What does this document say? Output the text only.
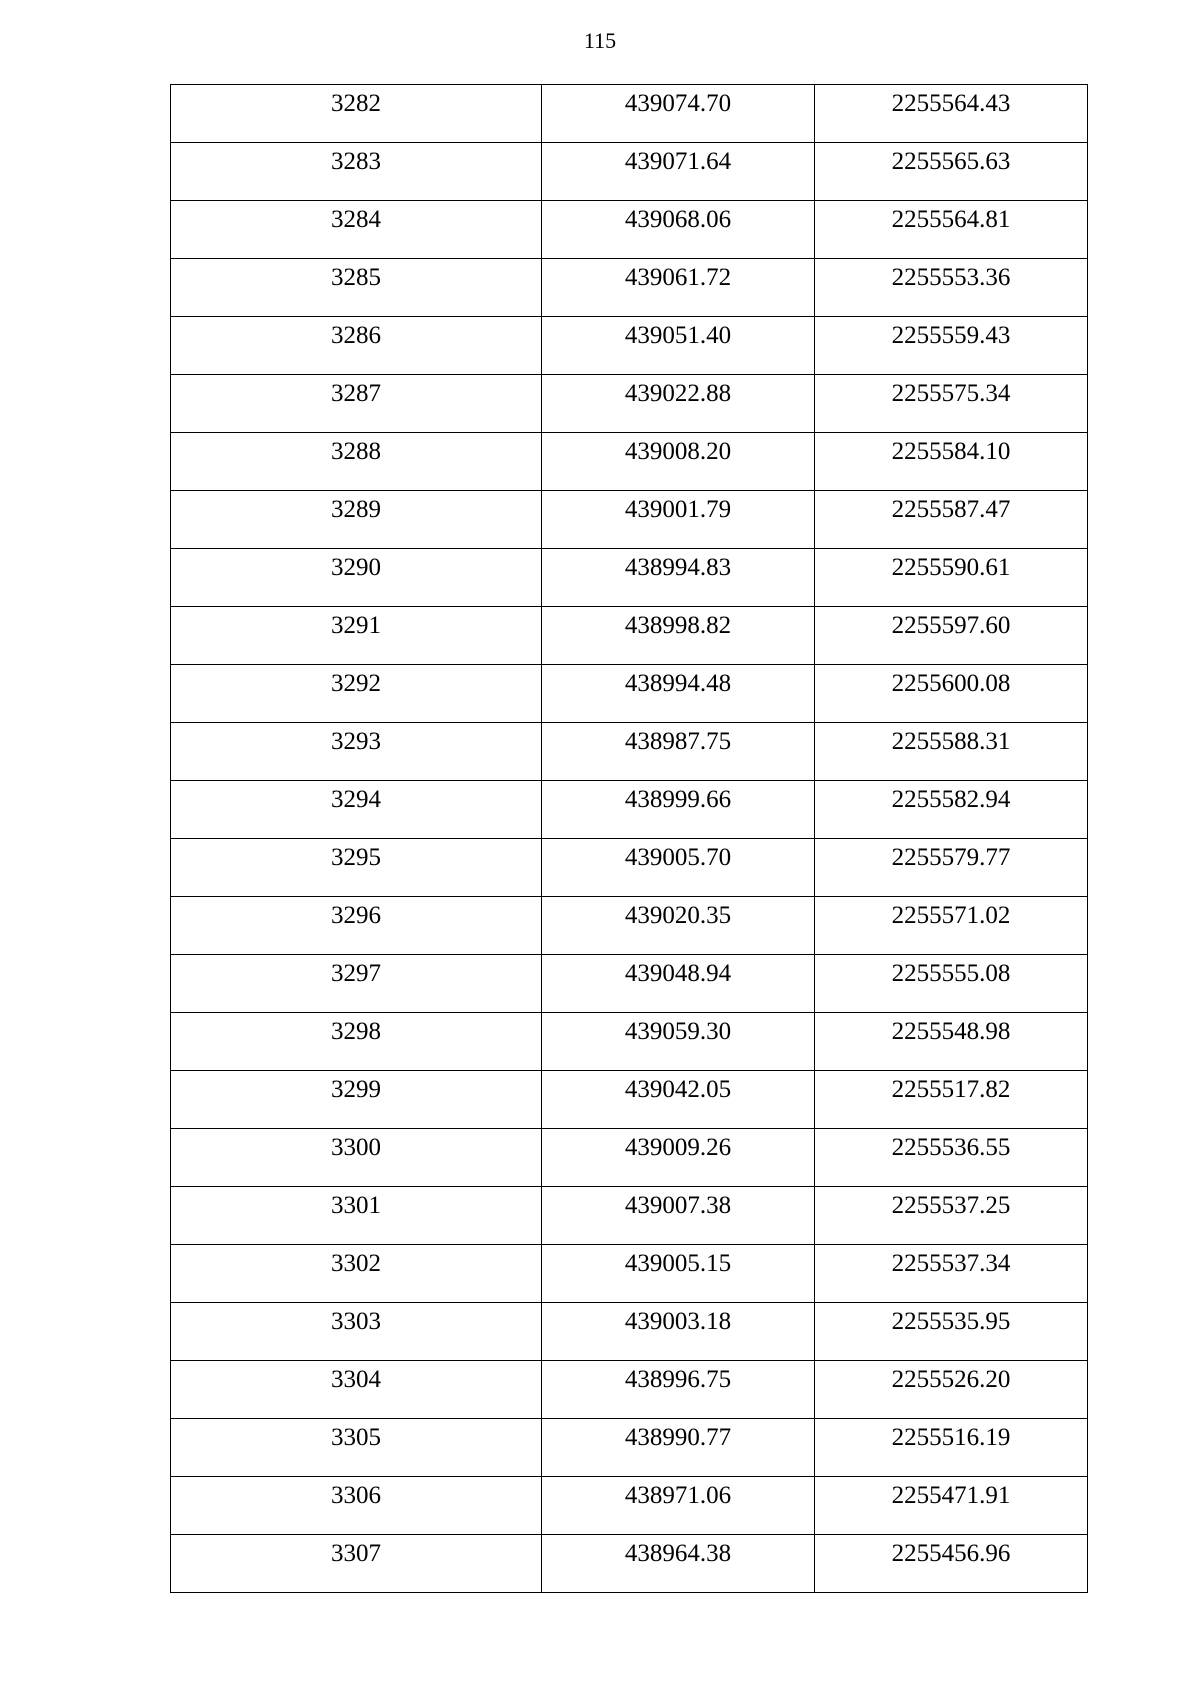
115
3282	439074.70	2255564.43
3283	439071.64	2255565.63
3284	439068.06	2255564.81
3285	439061.72	2255553.36
3286	439051.40	2255559.43
3287	439022.88	2255575.34
3288	439008.20	2255584.10
3289	439001.79	2255587.47
3290	438994.83	2255590.61
3291	438998.82	2255597.60
3292	438994.48	2255600.08
3293	438987.75	2255588.31
3294	438999.66	2255582.94
3295	439005.70	2255579.77
3296	439020.35	2255571.02
3297	439048.94	2255555.08
3298	439059.30	2255548.98
3299	439042.05	2255517.82
3300	439009.26	2255536.55
3301	439007.38	2255537.25
3302	439005.15	2255537.34
3303	439003.18	2255535.95
3304	438996.75	2255526.20
3305	438990.77	2255516.19
3306	438971.06	2255471.91
3307	438964.38	2255456.96
